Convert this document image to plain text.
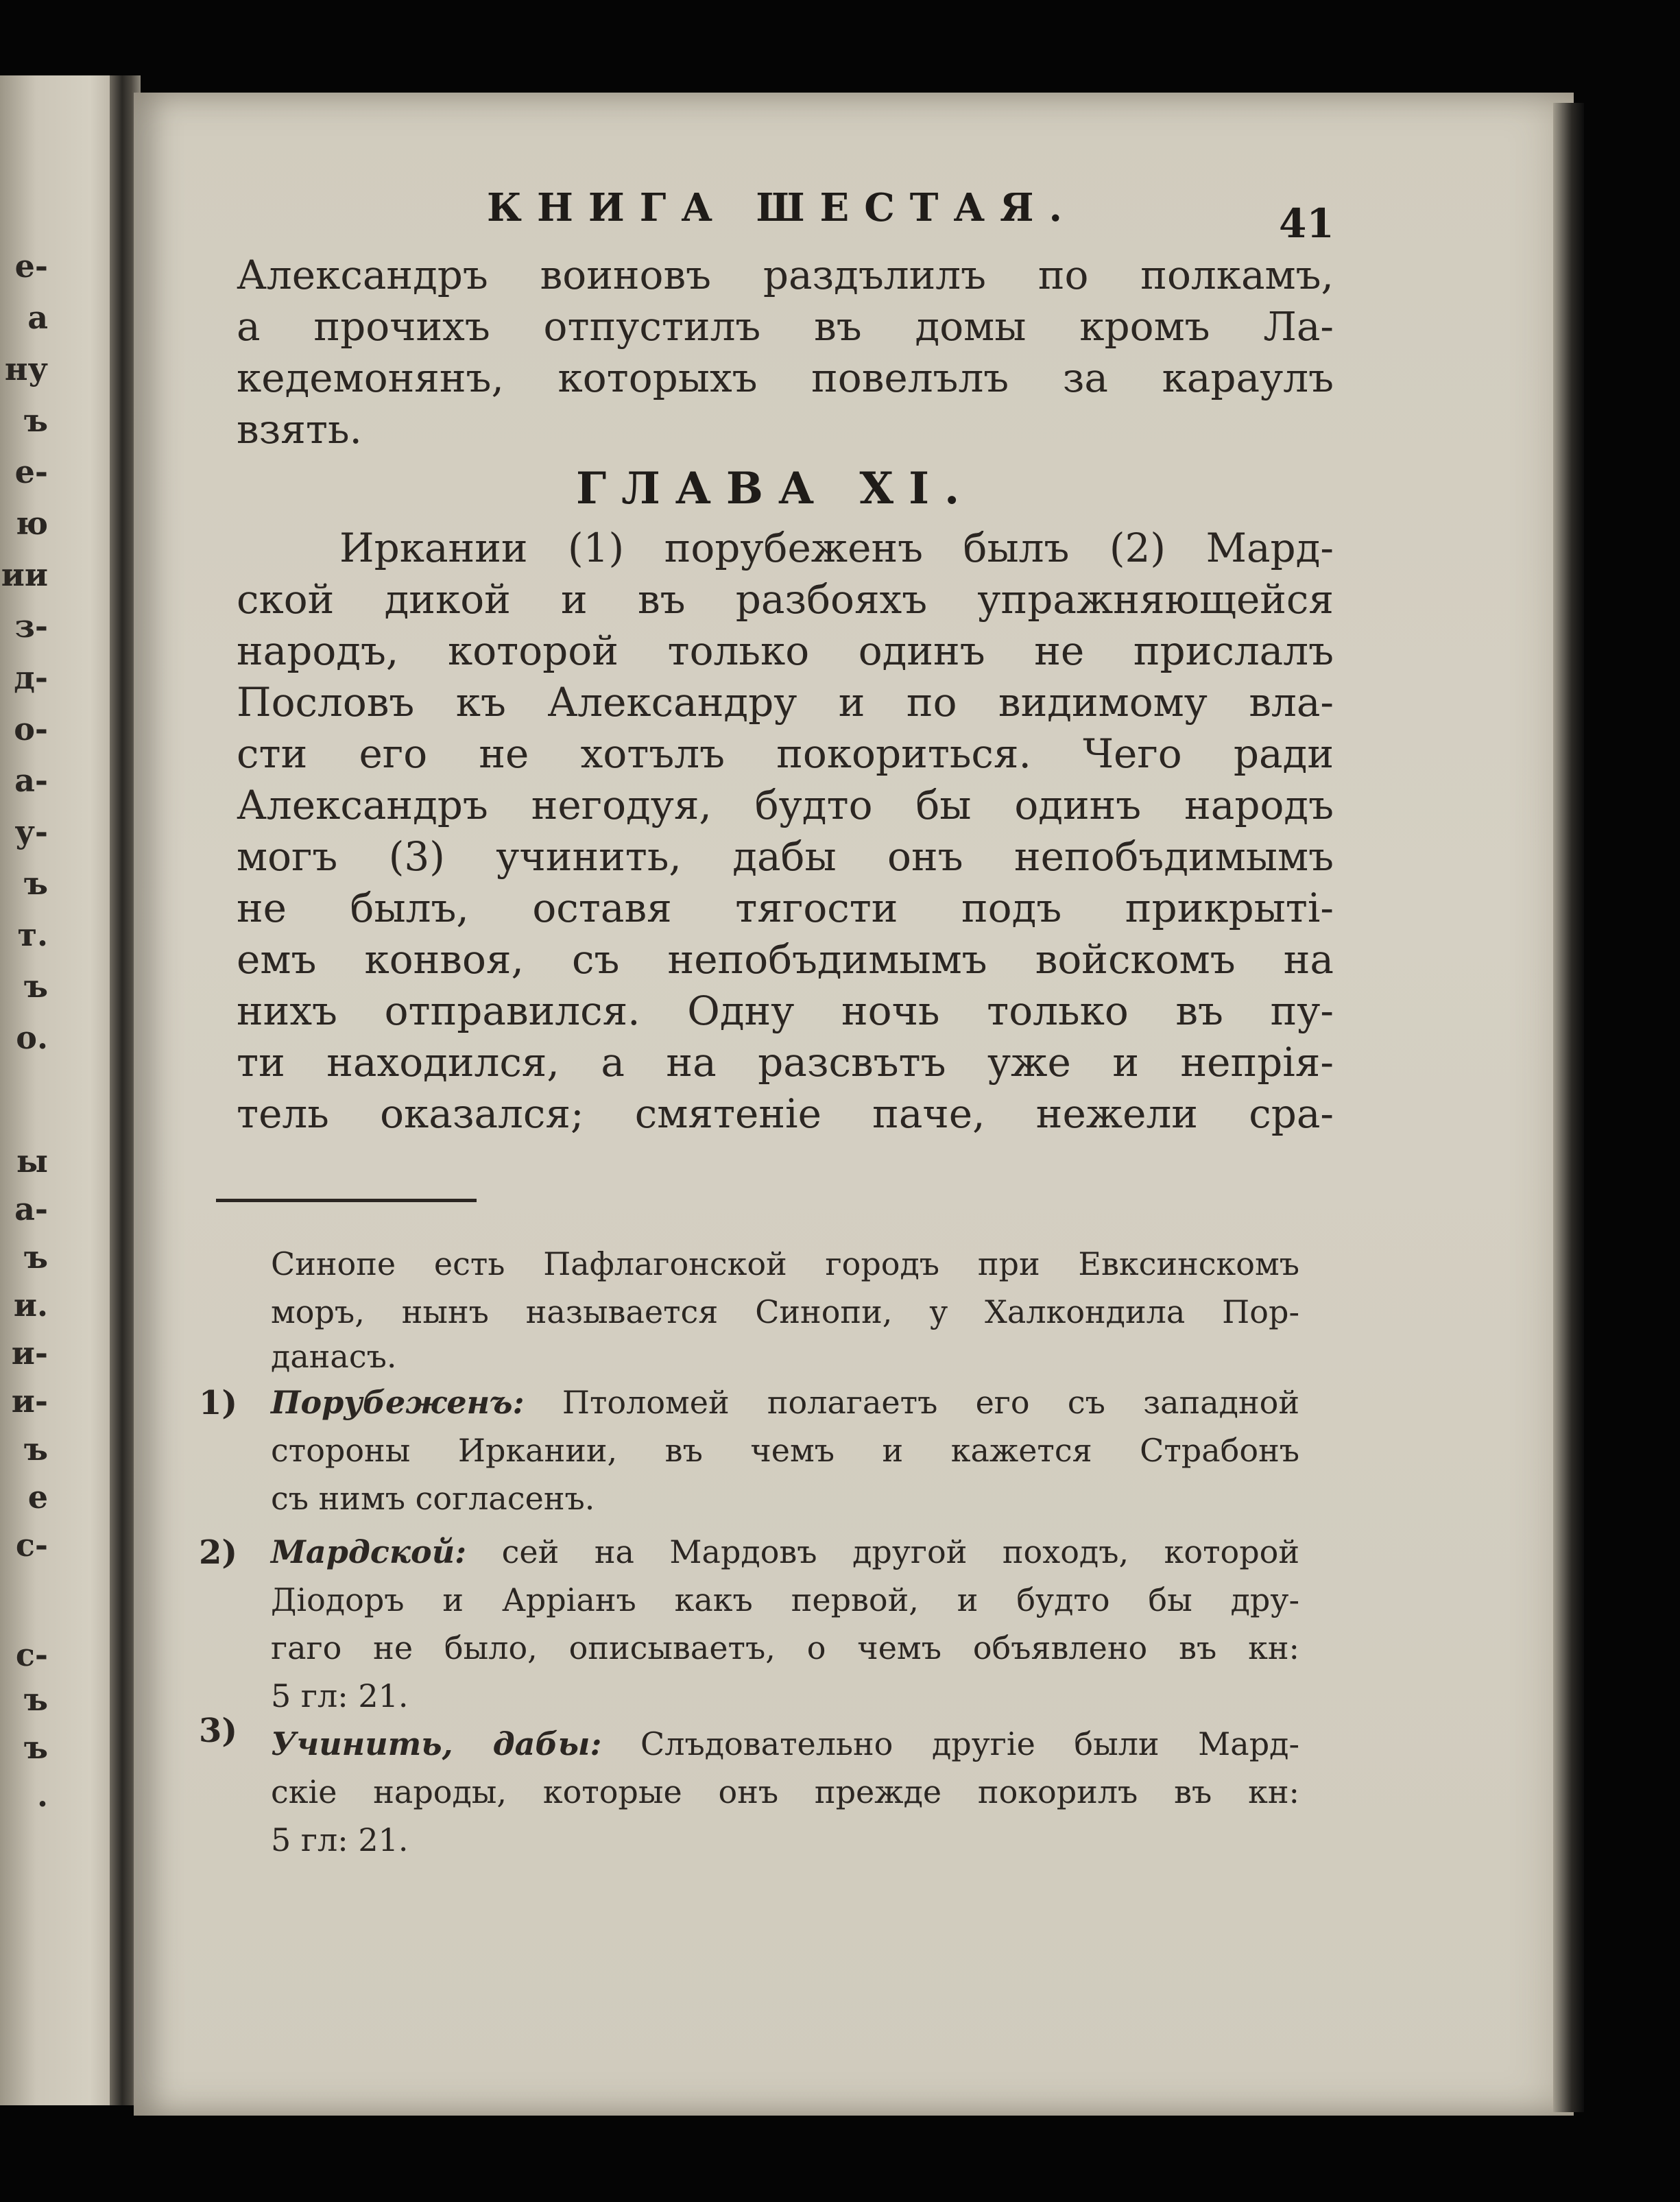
е-
а
ну
ъ
е-
ю
ии
з-
д-
о-
а-
у-
ъ
т.
ъ
о.
ы
а-
ъ
и.
и-
и-
ъ
е
с-
с-
ъ
ъ
.
КНИГА ШЕСТАЯ.	41
Александръ воиновъ раздълилъ по полкамъ,
а прочихъ отпустилъ въ домы кромъ Ла-
кедемонянъ, которыхъ повелълъ за караулъ
взять.
ГЛАВА XI.
Иркании (1) порубеженъ былъ (2) Мард-
ской дикой и въ разбояхъ упражняющейся
народъ, которой только одинъ не прислалъ
Пословъ къ Александру и по видимому вла-
сти его не хотълъ покориться. Чего ради
Александръ негодуя, будто бы одинъ народъ
могъ (3) учинить, дабы онъ непобъдимымъ
не былъ, оставя тягости подъ прикрытi-
емъ конвоя, съ непобъдимымъ войскомъ на
нихъ отправился. Одну ночь только въ пу-
ти находился, а на разсвътъ уже и непрiя-
тель оказался; смятенiе паче, нежели сра-
Синопе есть Пафлагонской городъ при Евксинскомъ
моръ, нынъ называется Синопи, у Халкондила Пор-
данасъ.
1) Порубеженъ: Птоломей полагаетъ его съ западной
стороны Иркании, въ чемъ и кажется Страбонъ
съ нимъ согласенъ.
2) Мардской: сей на Мардовъ другой походъ, которой
Дiодоръ и Аррiанъ какъ первой, и будто бы дру-
гаго не было, описываетъ, о чемъ объявлено въ кн:
5 гл: 21.
3) Учинить, дабы: Слъдовательно другiе были Мард-
скiе народы, которые онъ прежде покорилъ въ кн:
5 гл: 21.
